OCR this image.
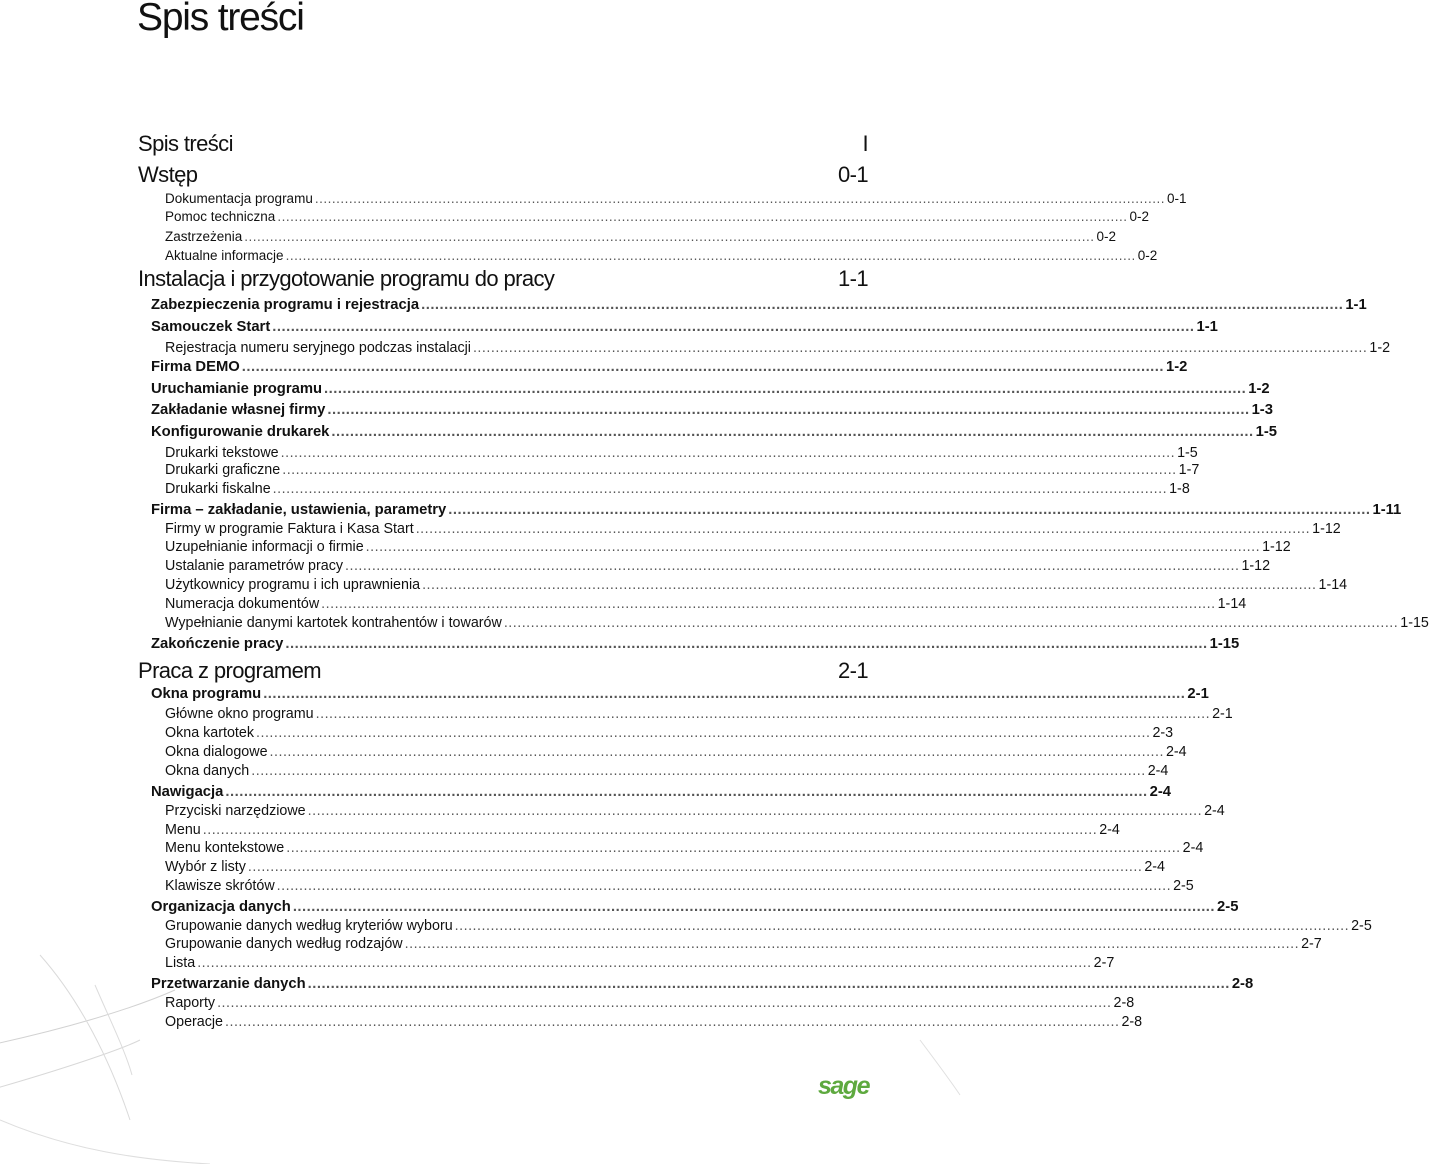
Spis treści
Spis treści	I
Wstęp	0-1
Dokumentacja programu ........................................................................................................................................................................................................ 0-1
Pomoc techniczna ........................................................................................................................................................................................................ 0-2
Zastrzeżenia ........................................................................................................................................................................................................ 0-2
Aktualne informacje ........................................................................................................................................................................................................ 0-2
Instalacja i przygotowanie programu do pracy	1-1
Zabezpieczenia programu i rejestracja ........................................................................................................................................................................................................ 1-1
Samouczek Start ........................................................................................................................................................................................................ 1-1
Rejestracja numeru seryjnego podczas instalacji ........................................................................................................................................................................................................ 1-2
Firma DEMO ........................................................................................................................................................................................................ 1-2
Uruchamianie programu ........................................................................................................................................................................................................ 1-2
Zakładanie własnej firmy ........................................................................................................................................................................................................ 1-3
Konfigurowanie drukarek ........................................................................................................................................................................................................ 1-5
Drukarki tekstowe ........................................................................................................................................................................................................ 1-5
Drukarki graficzne ........................................................................................................................................................................................................ 1-7
Drukarki fiskalne ........................................................................................................................................................................................................ 1-8
Firma – zakładanie, ustawienia, parametry ........................................................................................................................................................................................................ 1-11
Firmy w programie Faktura i Kasa Start ........................................................................................................................................................................................................ 1-12
Uzupełnianie informacji o firmie ........................................................................................................................................................................................................ 1-12
Ustalanie parametrów pracy ........................................................................................................................................................................................................ 1-12
Użytkownicy programu i ich uprawnienia ........................................................................................................................................................................................................ 1-14
Numeracja dokumentów ........................................................................................................................................................................................................ 1-14
Wypełnianie danymi kartotek kontrahentów i towarów ........................................................................................................................................................................................................ 1-15
Zakończenie pracy ........................................................................................................................................................................................................ 1-15
Praca z programem	2-1
Okna programu ........................................................................................................................................................................................................ 2-1
Główne okno programu ........................................................................................................................................................................................................ 2-1
Okna kartotek ........................................................................................................................................................................................................ 2-3
Okna dialogowe ........................................................................................................................................................................................................ 2-4
Okna danych ........................................................................................................................................................................................................ 2-4
Nawigacja ........................................................................................................................................................................................................ 2-4
Przyciski narzędziowe ........................................................................................................................................................................................................ 2-4
Menu ........................................................................................................................................................................................................ 2-4
Menu kontekstowe ........................................................................................................................................................................................................ 2-4
Wybór z listy ........................................................................................................................................................................................................ 2-4
Klawisze skrótów ........................................................................................................................................................................................................ 2-5
Organizacja danych ........................................................................................................................................................................................................ 2-5
Grupowanie danych według kryteriów wyboru ........................................................................................................................................................................................................ 2-5
Grupowanie danych według rodzajów ........................................................................................................................................................................................................ 2-7
Lista ........................................................................................................................................................................................................ 2-7
Przetwarzanie danych ........................................................................................................................................................................................................ 2-8
Raporty ........................................................................................................................................................................................................ 2-8
Operacje ........................................................................................................................................................................................................ 2-8
sage
